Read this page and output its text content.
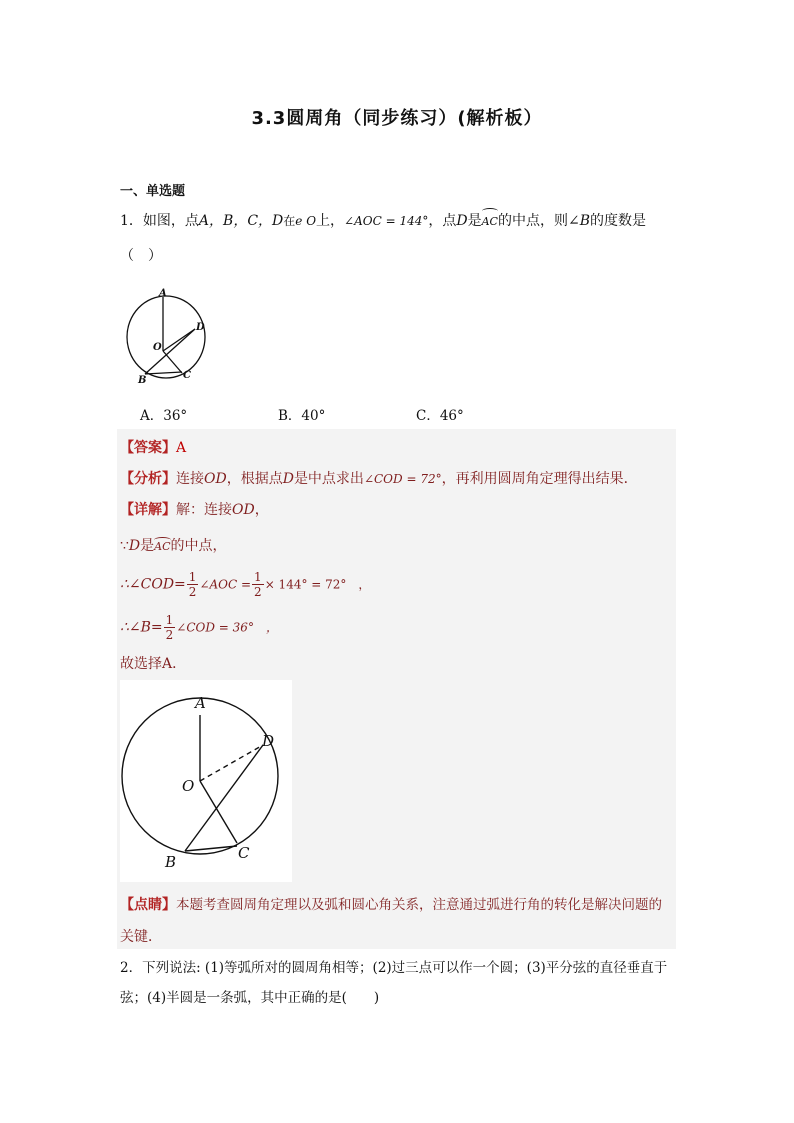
3.3圆周角（同步练习）(解析板）
一、单选题
1．如图，点A，B，C，D在e O上，∠AOC = 144°，点D是AC的中点，则∠B的度数是
（　）
A
D
O
B	C
A．36°	B．40°	C．46°
【答案】A
【分析】连接OD，根据点D是中点求出∠COD = 72°，再利用圆周角定理得出结果．
【详解】解：连接OD，
∵D是AC的中点，
∴∠COD= $\frac{1}{2}$ ∠AOC = $\frac{1}{2} \times 144^\circ = 72^\circ$　，
∴∠B= $\frac{1}{2}$ ∠COD = 36°　，
故选择A．
A
D
O
B	C
【点睛】本题考查圆周角定理以及弧和圆心角关系，注意通过弧进行角的转化是解决问题的
关键．
2．下列说法: (1)等弧所对的圆周角相等；(2)过三点可以作一个圆；(3)平分弦的直径垂直于
弦；(4)半圆是一条弧，其中正确的是(　　)
